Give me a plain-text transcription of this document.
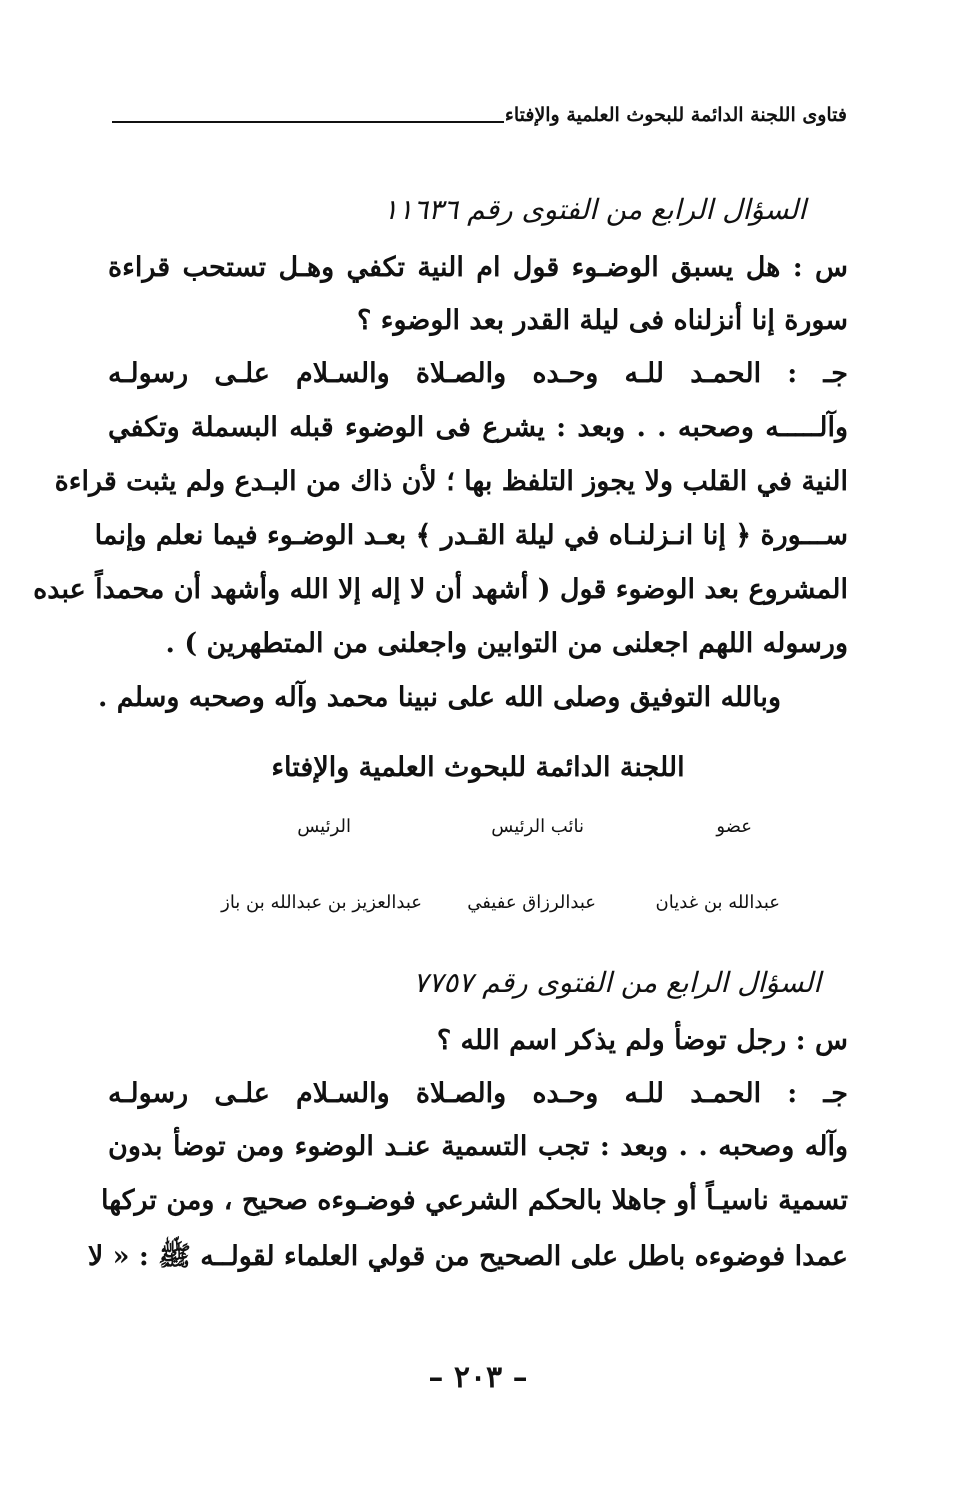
فتاوى اللجنة الدائمة للبحوث العلمية والإفتاء
السؤال الرابع من الفتوى رقم ١١٦٣٦
س : هل يسبق الوضـوء قول ام النية تكفي وهـل تستحب قراءة
سورة إنا أنزلناه فى ليلة القدر بعد الوضوء ؟
جـ : الحمـد للـه وحـده والصـلاة والسـلام علـى رسولـه
وآلـــــه وصحبه . . وبعد : يشرع فى الوضوء قبله البسملة وتكفي
النية في القلب ولا يجوز التلفظ بها ؛ لأن ذاك من البـدع ولم يثبت قراءة
ســـورة ﴿ إنا انـزلنـاه في ليلة القـدر ﴾ بعـد الوضـوء فيما نعلم وإنما
المشروع بعد الوضوء قول ( أشهد أن لا إله إلا الله وأشهد أن محمداً عبده
ورسوله اللهم اجعلنى من التوابين واجعلنى من المتطهرين ) .
وبالله التوفيق وصلى الله على نبينا محمد وآله وصحبه وسلم .
اللجنة الدائمة للبحوث العلمية والإفتاء
عضو
نائب الرئيس
الرئيس
عبدالله بن غديان
عبدالرزاق عفيفي
عبدالعزيز بن عبدالله بن باز
السؤال الرابع من الفتوى رقم ٧٧٥٧
س : رجل توضأ ولم يذكر اسم الله ؟
جـ : الحمـد للـه وحـده والصـلاة والسـلام علـى رسولـه
وآله وصحبه . . وبعد : تجب التسمية عنـد الوضوء ومن توضأ بدون
تسمية ناسيـاً أو جاهلا بالحكم الشرعي فوضـوءه صحيح ، ومن تركها
عمدا فوضوءه باطل على الصحيح من قولي العلماء لقولــه ﷺ : « لا
– ٢٠٣ –
